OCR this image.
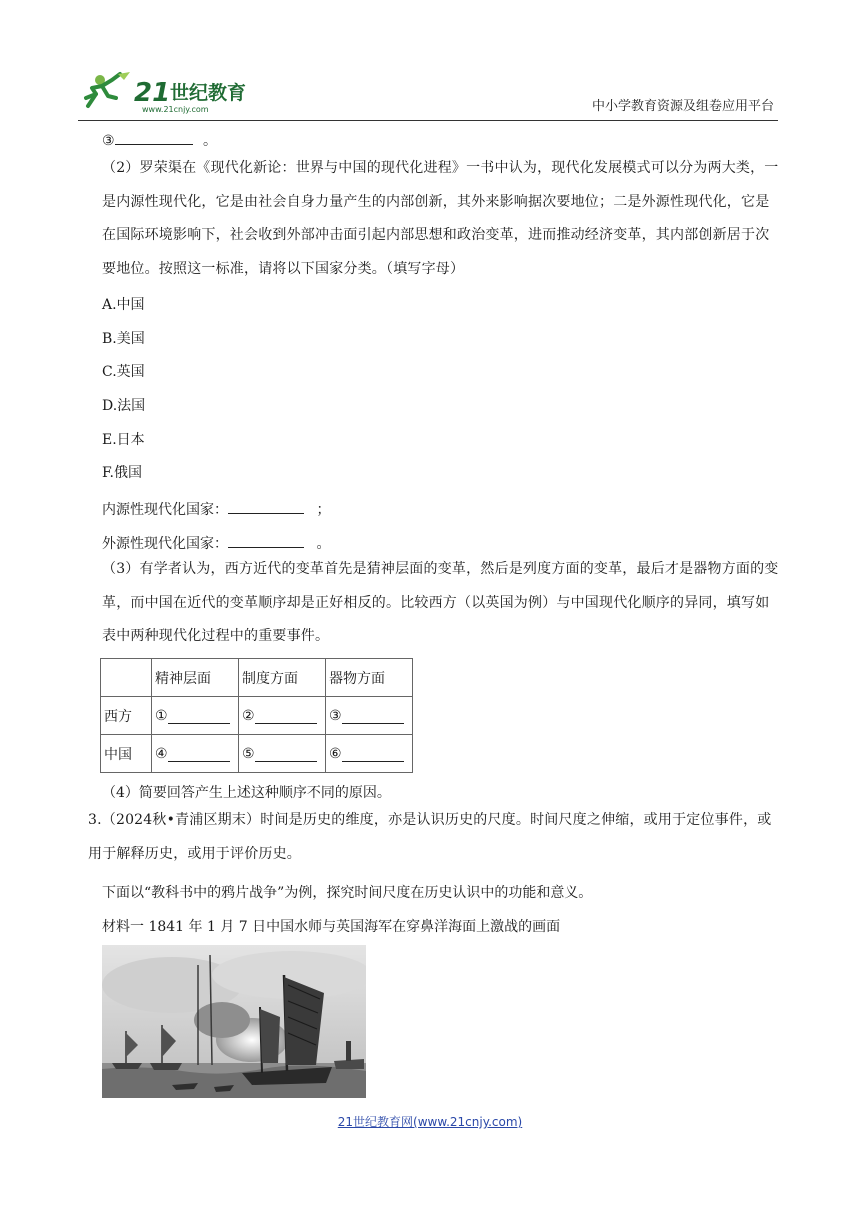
21 世纪教育
www.21cnjy.com	中小学教育资源及组卷应用平台
③	。
（2）罗荣渠在《现代化新论：世界与中国的现代化进程》一书中认为，现代化发展模式可以分为两大类，一是内源性现代化，它是由社会自身力量产生的内部创新，其外来影响据次要地位；二是外源性现代化，它是在国际环境影响下，社会收到外部冲击面引起内部思想和政治变革，进而推动经济变革，其内部创新居于次要地位。按照这一标准，请将以下国家分类。（填写字母）
A.中国
B.美国
C.英国
D.法国
E.日本
F.俄国
内源性现代化国家：	；
外源性现代化国家：	。
（3）有学者认为，西方近代的变革首先是猜神层面的变革，然后是列度方面的变革，最后才是器物方面的变革，而中国在近代的变革顺序却是正好相反的。比较西方（以英国为例）与中国现代化顺序的异同，填写如表中两种现代化过程中的重要事件。
	精神层面	制度方面	器物方面
西方	①	②	③

中国	④	⑤	⑥
（4）简要回答产生上述这种顺序不同的原因。
3.（2024秋•青浦区期末）时间是历史的维度，亦是认识历史的尺度。时间尺度之伸缩，或用于定位事件，或用于解释历史，或用于评价历史。
下面以“教科书中的鸦片战争”为例，探究时间尺度在历史认识中的功能和意义。
材料一 1841 年 1 月 7 日中国水师与英国海军在穿鼻洋海面上激战的画面
21世纪教育网(www.21cnjy.com)
